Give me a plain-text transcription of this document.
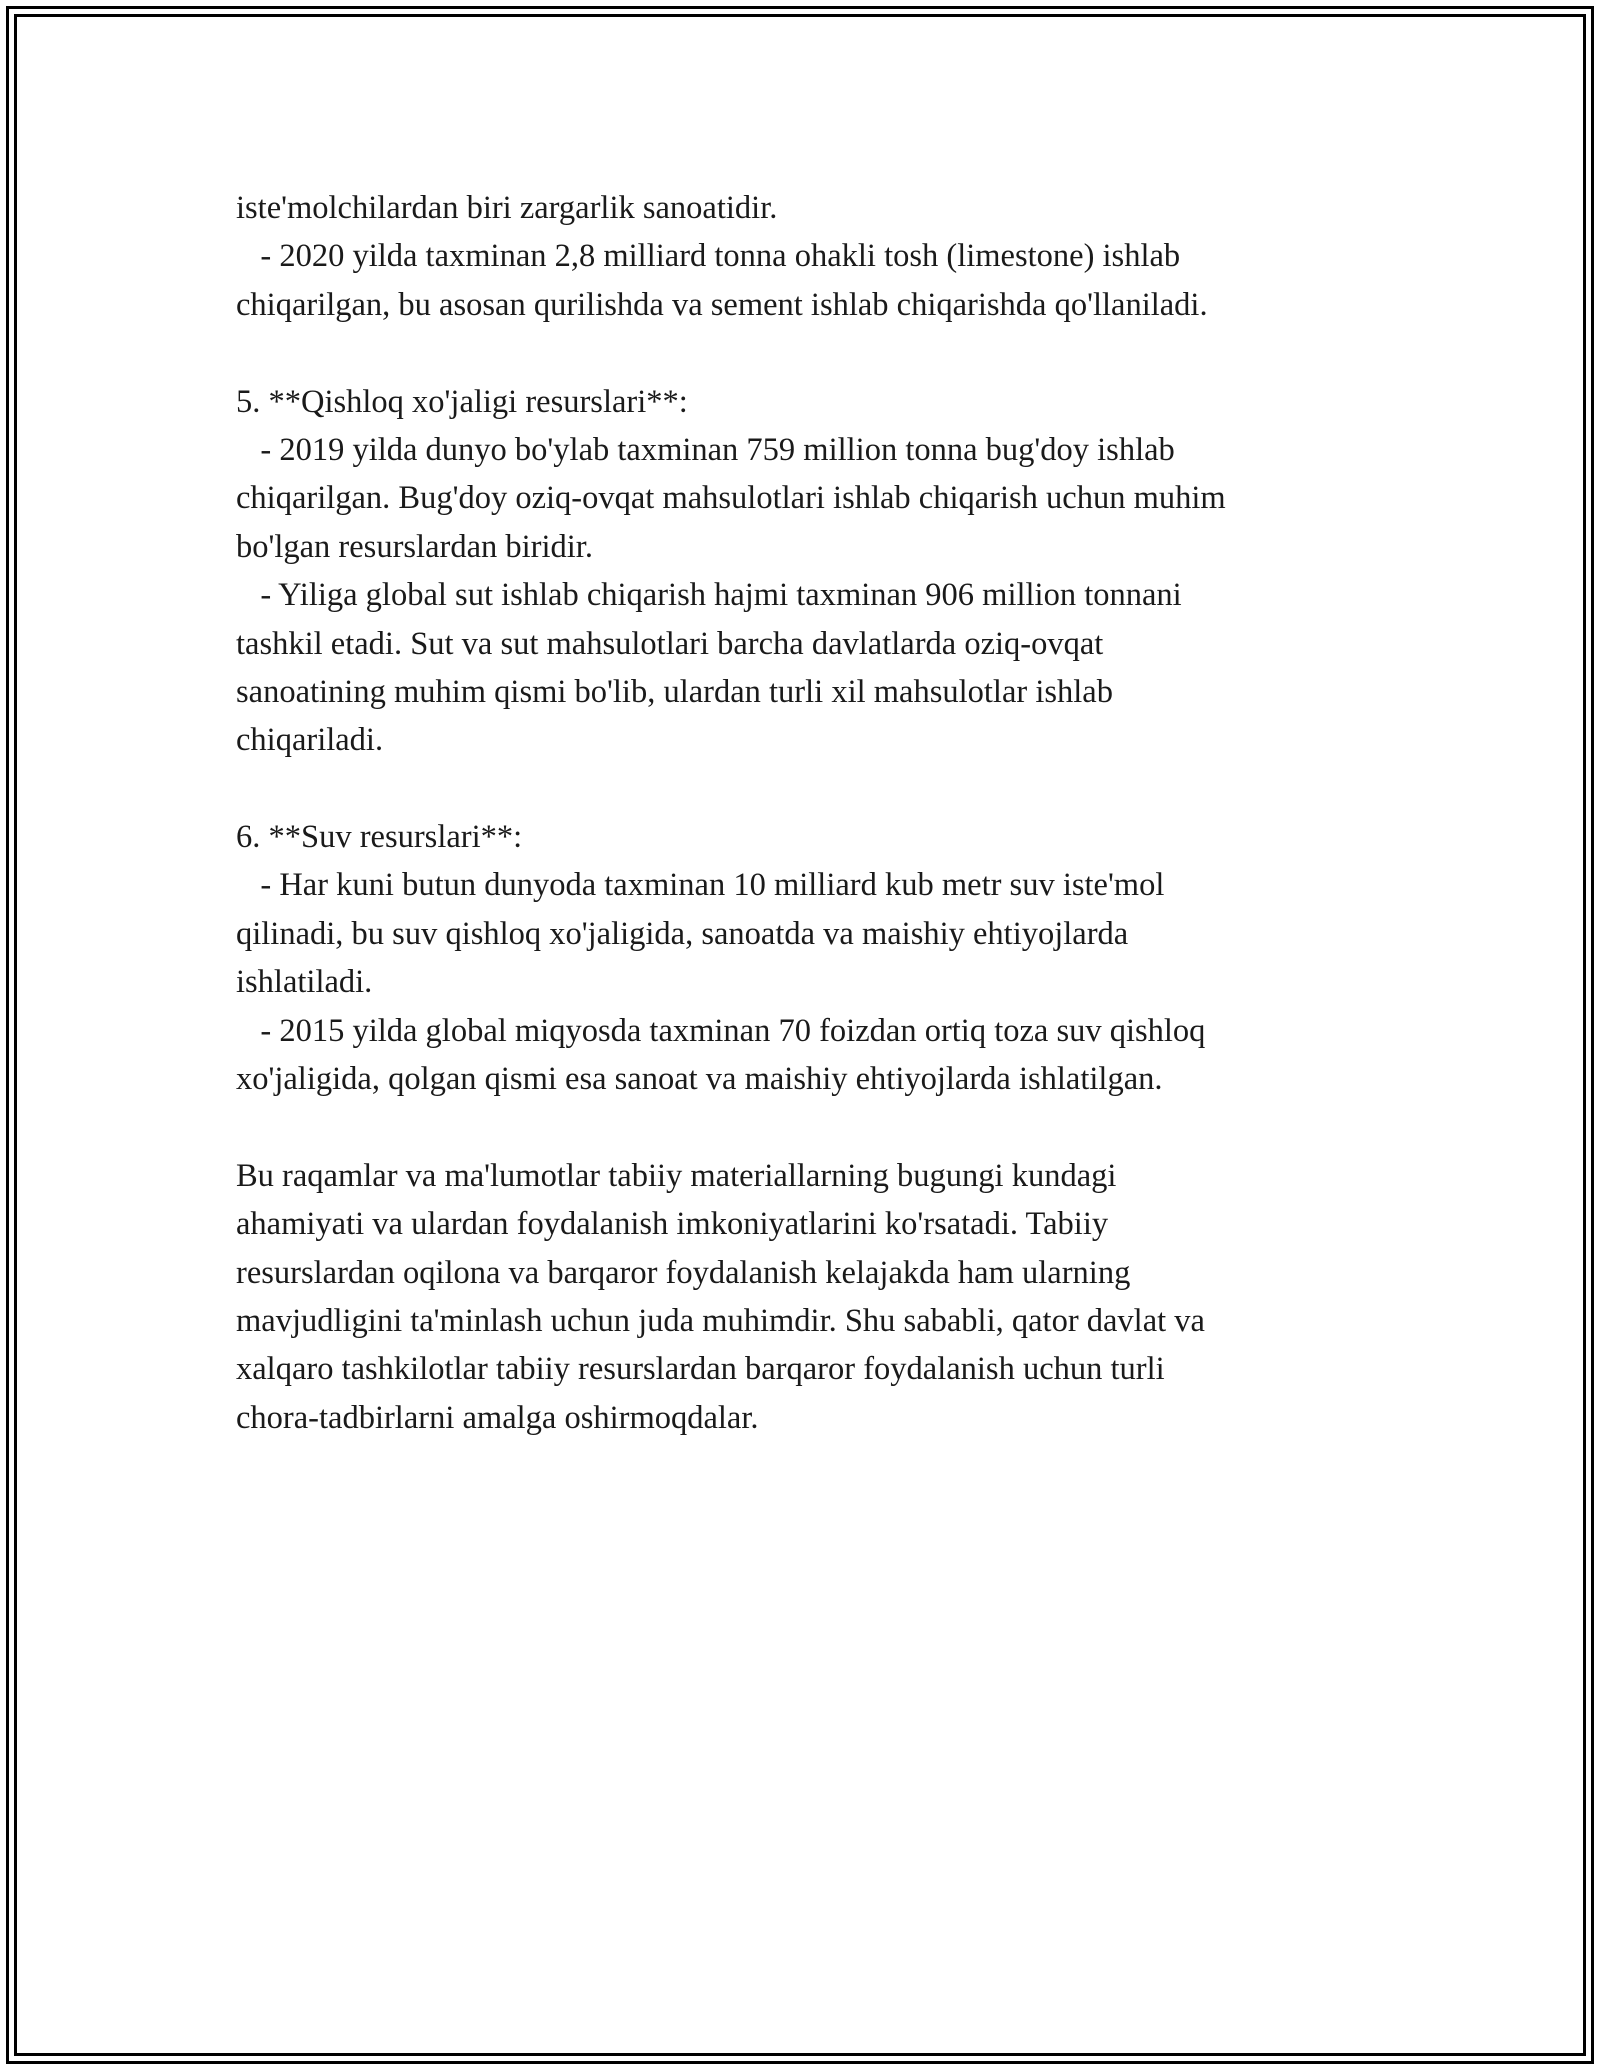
iste'molchilardan biri zargarlik sanoatidir.
- 2020 yilda taxminan 2,8 milliard tonna ohakli tosh (limestone) ishlab
chiqarilgan, bu asosan qurilishda va sement ishlab chiqarishda qo'llaniladi.
5. **Qishloq xo'jaligi resurslari**:
- 2019 yilda dunyo bo'ylab taxminan 759 million tonna bug'doy ishlab
chiqarilgan. Bug'doy oziq-ovqat mahsulotlari ishlab chiqarish uchun muhim
bo'lgan resurslardan biridir.
- Yiliga global sut ishlab chiqarish hajmi taxminan 906 million tonnani
tashkil etadi. Sut va sut mahsulotlari barcha davlatlarda oziq-ovqat
sanoatining muhim qismi bo'lib, ulardan turli xil mahsulotlar ishlab
chiqariladi.
6. **Suv resurslari**:
- Har kuni butun dunyoda taxminan 10 milliard kub metr suv iste'mol
qilinadi, bu suv qishloq xo'jaligida, sanoatda va maishiy ehtiyojlarda
ishlatiladi.
- 2015 yilda global miqyosda taxminan 70 foizdan ortiq toza suv qishloq
xo'jaligida, qolgan qismi esa sanoat va maishiy ehtiyojlarda ishlatilgan.
Bu raqamlar va ma'lumotlar tabiiy materiallarning bugungi kundagi
ahamiyati va ulardan foydalanish imkoniyatlarini ko'rsatadi. Tabiiy
resurslardan oqilona va barqaror foydalanish kelajakda ham ularning
mavjudligini ta'minlash uchun juda muhimdir. Shu sababli, qator davlat va
xalqaro tashkilotlar tabiiy resurslardan barqaror foydalanish uchun turli
chora-tadbirlarni amalga oshirmoqdalar.
